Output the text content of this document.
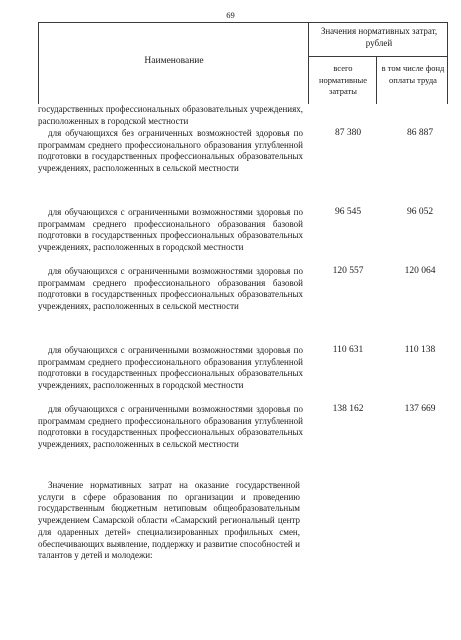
69
Наименование
Значения нормативных затрат, рублей
всего нормативные затраты
в том числе фонд оплаты труда
государственных профессиональных образовательных учреждениях, расположенных в городской местности
для обучающихся без ограниченных возможностей здоровья по программам среднего профессионального образования углубленной подготовки в государственных профессиональных образовательных учреждениях, расположенных в сельской местности
87 380	86 887
для обучающихся с ограниченными возможностями здоровья по программам среднего профессионального образования базовой подготовки в государственных профессиональных образовательных учреждениях, расположенных в городской местности
96 545	96 052
для обучающихся с ограниченными возможностями здоровья по программам среднего профессионального образования базовой подготовки в государственных профессиональных образовательных учреждениях, расположенных в сельской местности
120 557	120 064
для обучающихся с ограниченными возможностями здоровья по программам среднего профессионального образования углубленной подготовки в государственных профессиональных образовательных учреждениях, расположенных в городской местности
110 631	110 138
для обучающихся с ограниченными возможностями здоровья по программам среднего профессионального образования углубленной подготовки в государственных профессиональных образовательных учреждениях, расположенных в сельской местности
138 162	137 669
Значение нормативных затрат на оказание государственной услуги в сфере образования по организации и проведению государственным бюджетным нетиповым общеобразовательным учреждением Самарской области «Самарский региональный центр для одаренных детей» специализированных профильных смен, обеспечивающих выявление, поддержку и развитие способностей и талантов у детей и молодежи:
